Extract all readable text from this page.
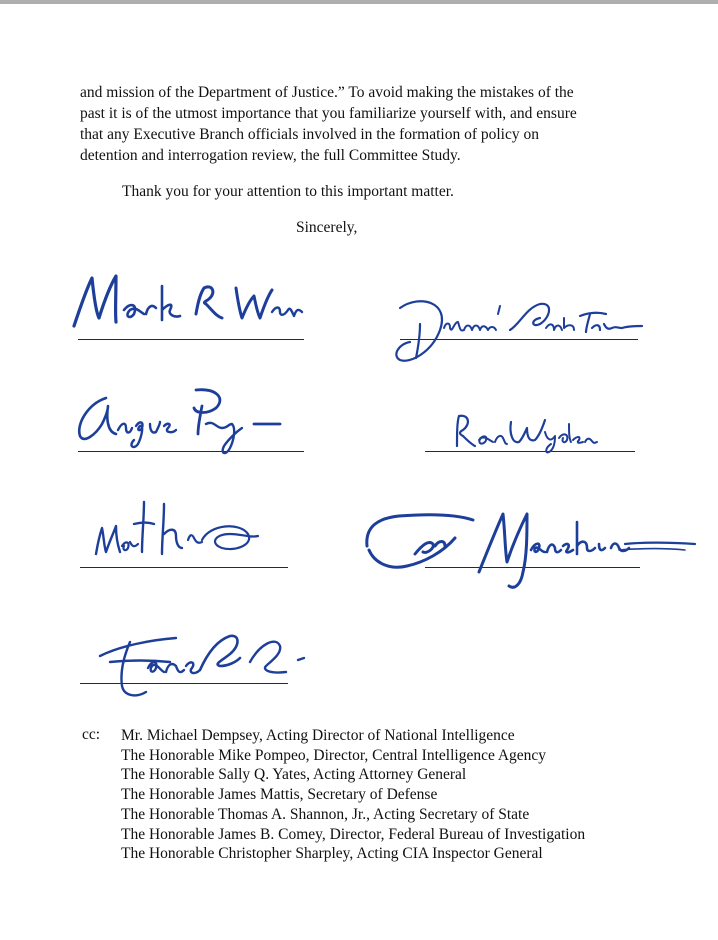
and mission of the Department of Justice.” To avoid making the mistakes of the
past it is of the utmost importance that you familiarize yourself with, and ensure
that any Executive Branch officials involved in the formation of policy on
detention and interrogation review, the full Committee Study.

Thank you for your attention to this important matter.

Sincerely,

cc: Mr. Michael Dempsey, Acting Director of National Intelligence
The Honorable Mike Pompeo, Director, Central Intelligence Agency
The Honorable Sally Q. Yates, Acting Attorney General
The Honorable James Mattis, Secretary of Defense
The Honorable Thomas A. Shannon, Jr., Acting Secretary of State
The Honorable James B. Comey, Director, Federal Bureau of Investigation
The Honorable Christopher Sharpley, Acting CIA Inspector General
